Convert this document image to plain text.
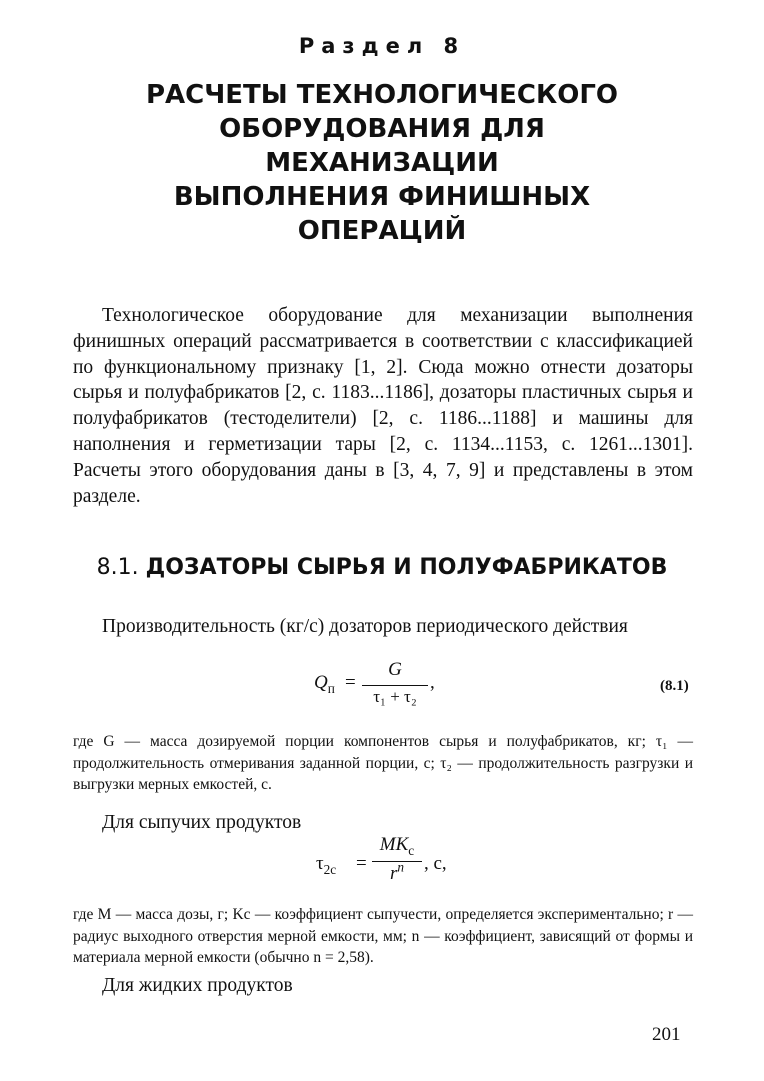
Раздел 8
РАСЧЕТЫ ТЕХНОЛОГИЧЕСКОГО
ОБОРУДОВАНИЯ ДЛЯ МЕХАНИЗАЦИИ
ВЫПОЛНЕНИЯ ФИНИШНЫХ
ОПЕРАЦИЙ

Технологическое оборудование для механизации выполнения финишных операций рассматривается в соответствии с классификацией по функциональному признаку [1, 2]. Сюда можно отнести дозаторы сырья и полуфабрикатов [2, с. 1183...1186], дозаторы пластичных сырья и полуфабрикатов (тестоделители) [2, с. 1186...1188] и машины для наполнения и герметизации тары [2, с. 1134...1153, с. 1261...1301]. Расчеты этого оборудования даны в [3, 4, 7, 9] и представлены в этом разделе.

8.1. ДОЗАТОРЫ СЫРЬЯ И ПОЛУФАБРИКАТОВ
Производительность (кг/с) дозаторов периодического действия
$Q_п$ =
G
τ₁ + τ₂
,	(8.1)

где G — масса дозируемой порции компонентов сырья и полуфабрикатов, кг; τ₁ — продолжительность отмеривания заданной порции, с; τ₂ — продолжительность разгрузки и выгрузки мерных емкостей, с.

Для сыпучих продуктов
$\tau_{2c}$ =
$MK_c$
$r^n$	, с,

где M — масса дозы, г; Kс — коэффициент сыпучести, определяется экспериментально; r — радиус выходного отверстия мерной емкости, мм; n — коэффициент, зависящий от формы и материала мерной емкости (обычно n = 2,58).

Для жидких продуктов
201
